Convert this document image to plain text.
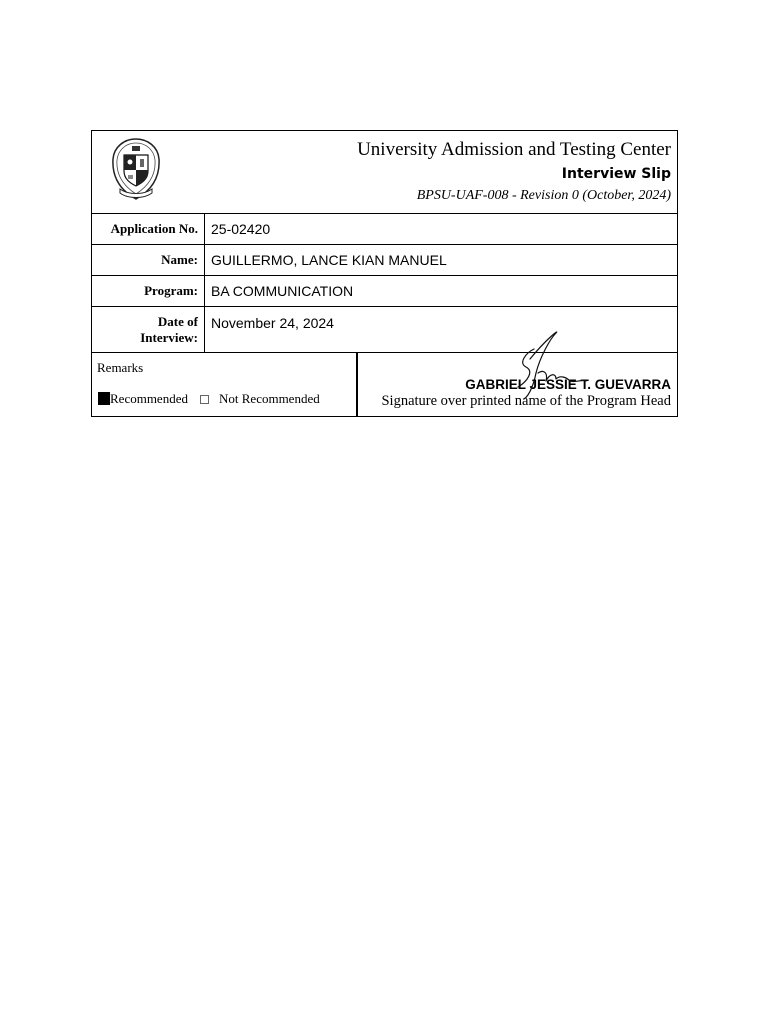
University Admission and Testing Center
Interview Slip
BPSU-UAF-008 - Revision 0 (October, 2024)
Application No. 25-02420
Name: GUILLERMO, LANCE KIAN MANUEL
Program: BA COMMUNICATION
Date of
Interview:
November 24, 2024
Remarks
Recommended	Not Recommended
GABRIEL JESSIE T. GUEVARRA
Signature over printed name of the Program Head
